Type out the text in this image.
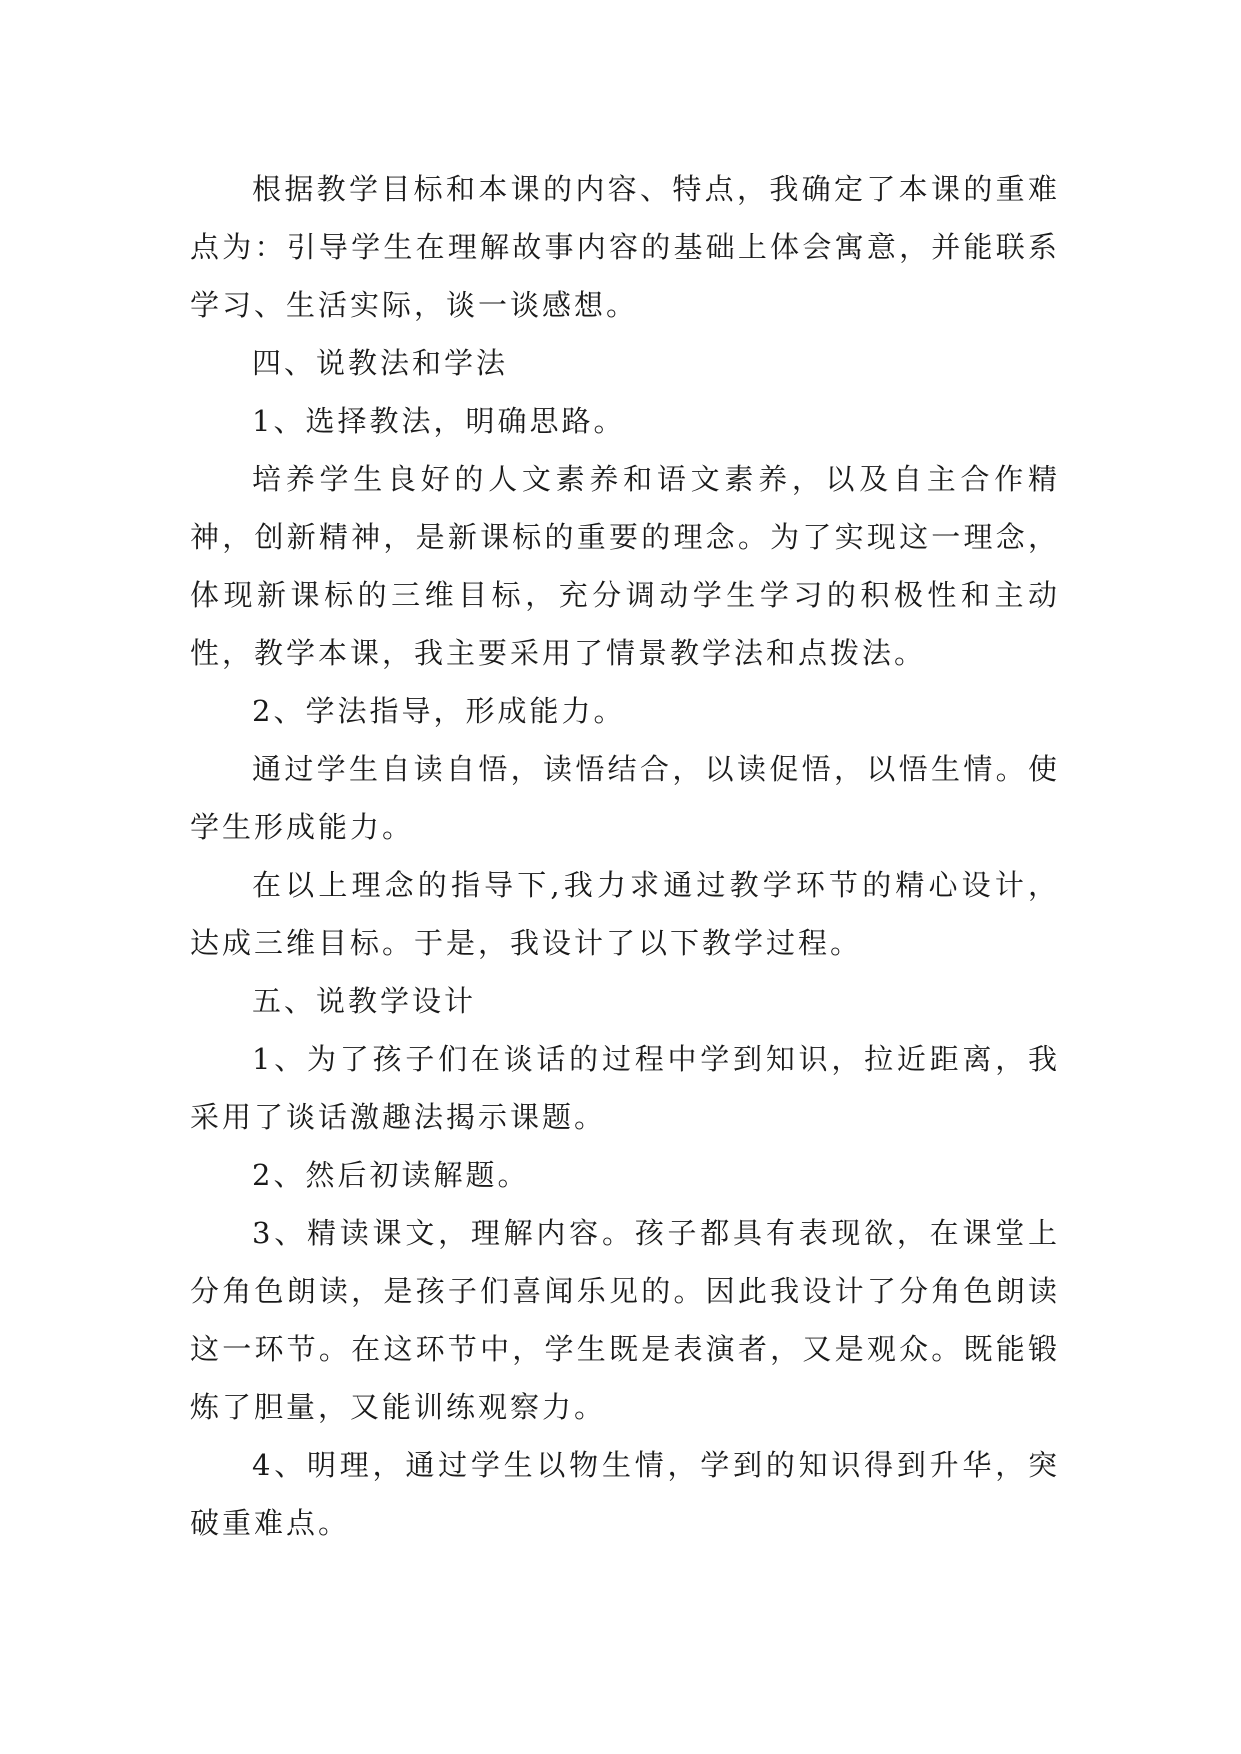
根据教学目标和本课的内容、特点，我确定了本课的重难点为：引导学生在理解故事内容的基础上体会寓意，并能联系学习、生活实际，谈一谈感想。

四、说教法和学法

1、选择教法，明确思路。

培养学生良好的人文素养和语文素养，以及自主合作精神，创新精神，是新课标的重要的理念。为了实现这一理念，体现新课标的三维目标，充分调动学生学习的积极性和主动性，教学本课，我主要采用了情景教学法和点拨法。

2、学法指导，形成能力。

通过学生自读自悟，读悟结合，以读促悟，以悟生情。使学生形成能力。

在以上理念的指导下,我力求通过教学环节的精心设计，达成三维目标。于是，我设计了以下教学过程。

五、说教学设计

1、为了孩子们在谈话的过程中学到知识，拉近距离，我采用了谈话激趣法揭示课题。

2、然后初读解题。

3、精读课文，理解内容。孩子都具有表现欲，在课堂上分角色朗读，是孩子们喜闻乐见的。因此我设计了分角色朗读这一环节。在这环节中，学生既是表演者，又是观众。既能锻炼了胆量，又能训练观察力。

4、明理，通过学生以物生情，学到的知识得到升华，突破重难点。
